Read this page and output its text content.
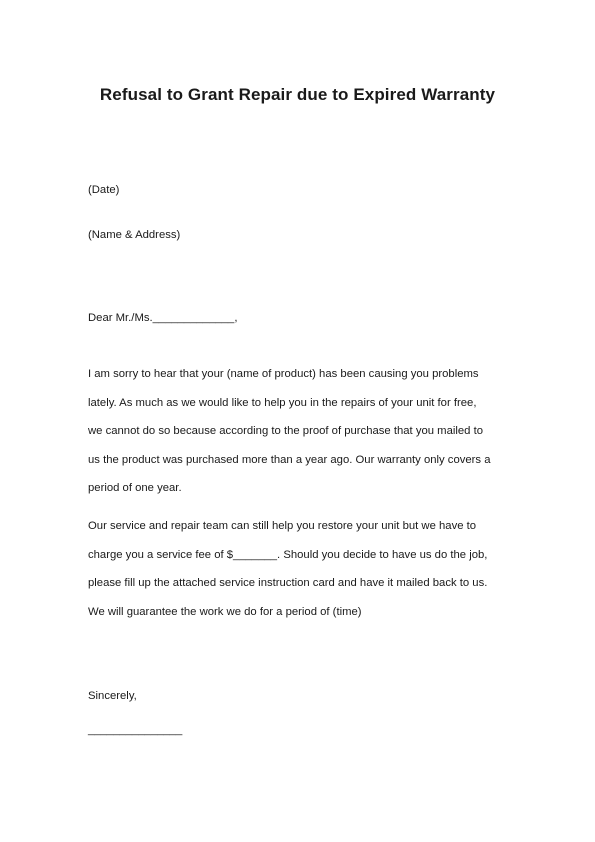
Refusal to Grant Repair due to Expired Warranty
(Date)
(Name & Address)
Dear Mr./Ms._____________,
I am sorry to hear that your (name of product) has been causing you problems
lately. As much as we would like to help you in the repairs of your unit for free,
we cannot do so because according to the proof of purchase that you mailed to
us the product was purchased more than a year ago. Our warranty only covers a
period of one year.
Our service and repair team can still help you restore your unit but we have to
charge you a service fee of $_______. Should you decide to have us do the job,
please fill up the attached service instruction card and have it mailed back to us.
We will guarantee the work we do for a period of (time)
Sincerely,
_______________
